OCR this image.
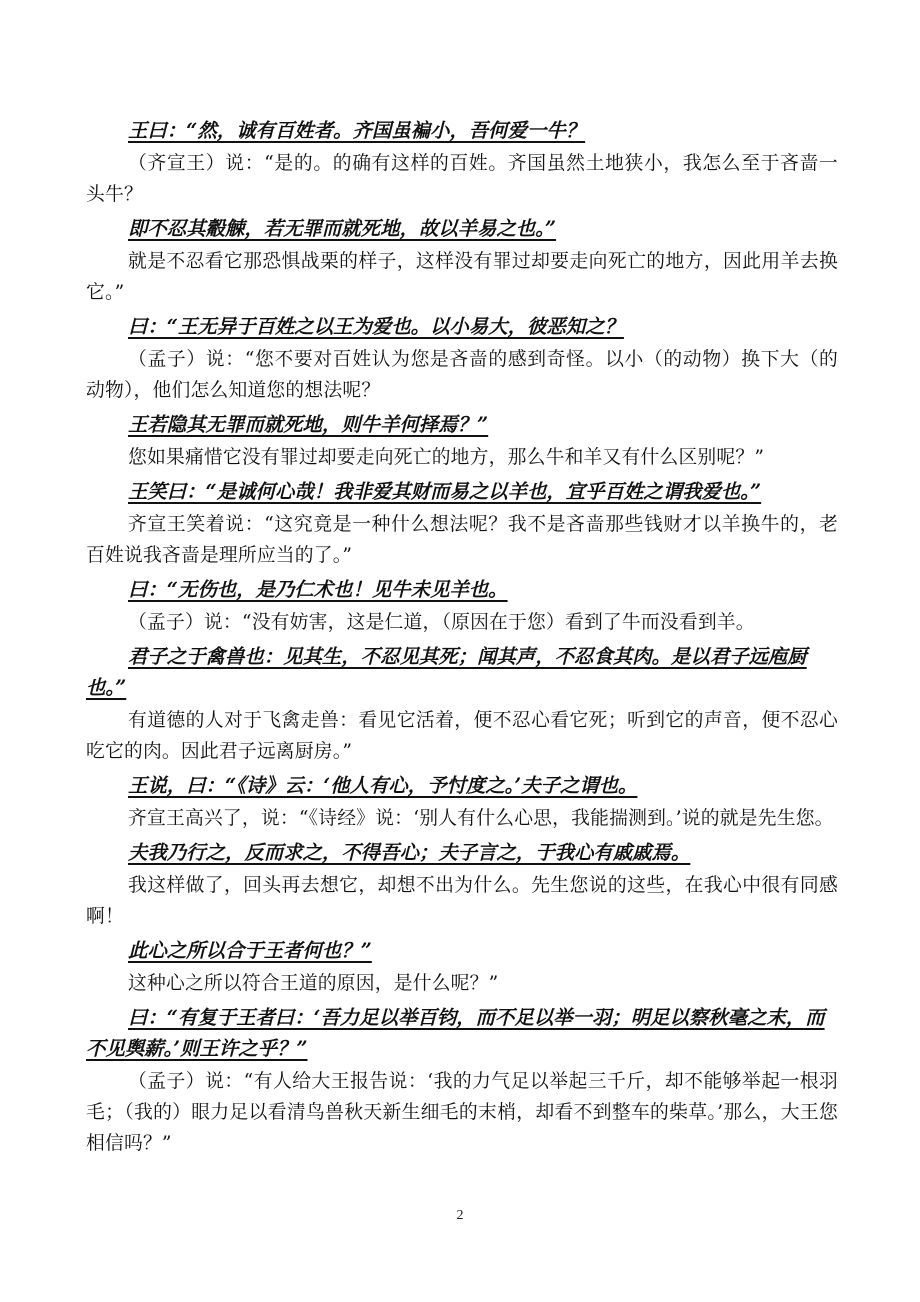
王曰：“然，诚有百姓者。齐国虽褊小，吾何爱一牛？

（齐宣王）说：“是的。的确有这样的百姓。齐国虽然土地狭小，我怎么至于吝啬一头牛？

即不忍其觳觫，若无罪而就死地，故以羊易之也。”

就是不忍看它那恐惧战栗的样子，这样没有罪过却要走向死亡的地方，因此用羊去换它。”

曰：“王无异于百姓之以王为爱也。以小易大，彼恶知之？

（孟子）说：“您不要对百姓认为您是吝啬的感到奇怪。以小（的动物）换下大（的动物），他们怎么知道您的想法呢？

王若隐其无罪而就死地，则牛羊何择焉？”

您如果痛惜它没有罪过却要走向死亡的地方，那么牛和羊又有什么区别呢？”

王笑曰：“是诚何心哉！我非爱其财而易之以羊也，宜乎百姓之谓我爱也。”

齐宣王笑着说：“这究竟是一种什么想法呢？我不是吝啬那些钱财才以羊换牛的，老百姓说我吝啬是理所应当的了。”

曰：“无伤也，是乃仁术也！见牛未见羊也。

（孟子）说：“没有妨害，这是仁道，（原因在于您）看到了牛而没看到羊。

君子之于禽兽也：见其生，不忍见其死；闻其声，不忍食其肉。是以君子远庖厨也。”

有道德的人对于飞禽走兽：看见它活着，便不忍心看它死；听到它的声音，便不忍心吃它的肉。因此君子远离厨房。”

王说，曰：“《诗》云：‘他人有心，予忖度之。’夫子之谓也。

齐宣王高兴了，说：“《诗经》说：‘别人有什么心思，我能揣测到。’说的就是先生您。

夫我乃行之，反而求之，不得吾心；夫子言之，于我心有戚戚焉。

我这样做了，回头再去想它，却想不出为什么。先生您说的这些，在我心中很有同感啊！

此心之所以合于王者何也？”

这种心之所以符合王道的原因，是什么呢？”

曰：“有复于王者曰：‘吾力足以举百钧，而不足以举一羽；明足以察秋毫之末，而不见舆薪。’则王许之乎？”

（孟子）说：“有人给大王报告说：‘我的力气足以举起三千斤，却不能够举起一根羽毛；（我的）眼力足以看清鸟兽秋天新生细毛的末梢，却看不到整车的柴草。’那么，大王您相信吗？”

2
